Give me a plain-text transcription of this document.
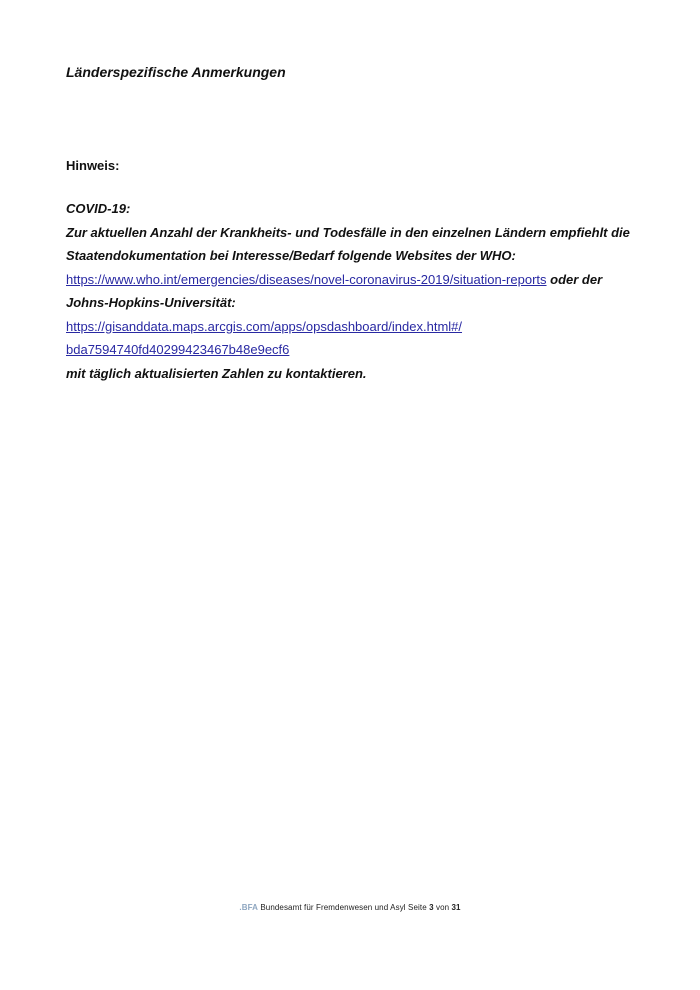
Länderspezifische Anmerkungen
Hinweis:
COVID-19:
Zur aktuellen Anzahl der Krankheits- und Todesfälle in den einzelnen Ländern empfiehlt die
Staatendokumentation bei Interesse/Bedarf folgende Websites der WHO:
https://www.who.int/emergencies/diseases/novel-coronavirus-2019/situation-reports oder der
Johns-Hopkins-Universität:
https://gisanddata.maps.arcgis.com/apps/opsdashboard/index.html#/
bda7594740fd40299423467b48e9ecf6
mit täglich aktualisierten Zahlen zu kontaktieren.
.BFA Bundesamt für Fremdenwesen und Asyl Seite 3 von 31
